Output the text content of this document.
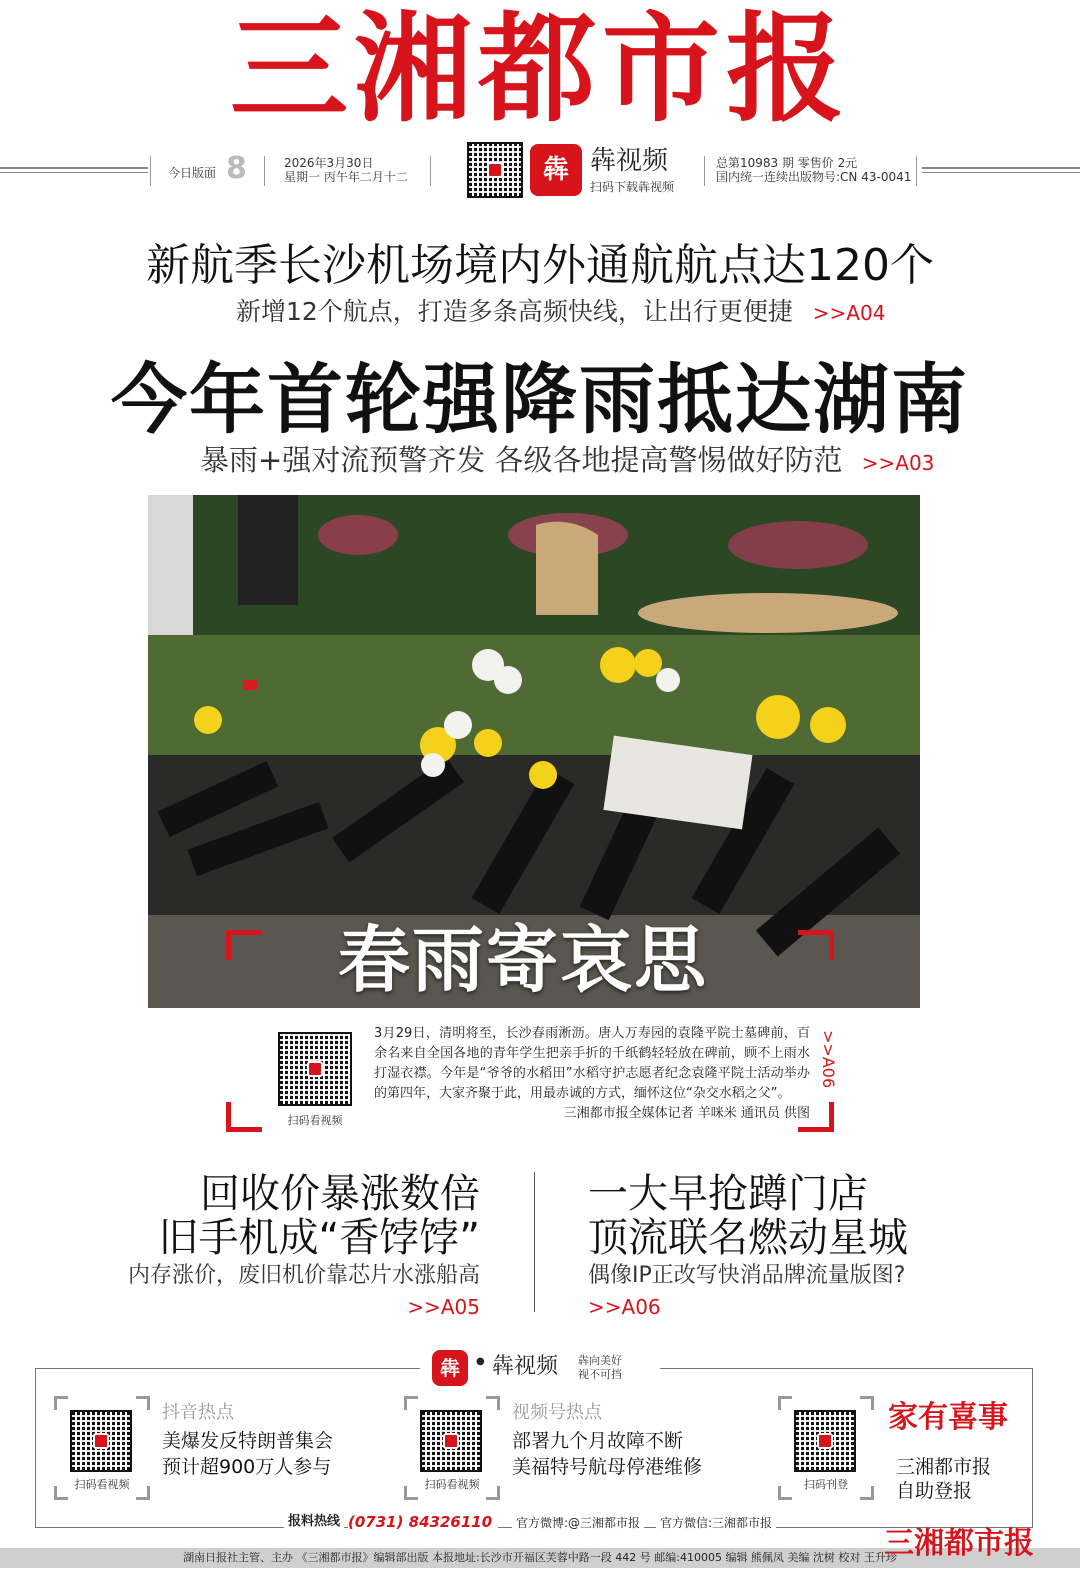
三湘都市报
今日版面 8	2026年3月30日
星期一 丙午年二月十二	犇 犇视频
扫码下载犇视频
总第10983 期 零售价 2元
国内统一连续出版物号:CN 43-0041
新航季长沙机场境内外通航航点达120个
新增12个航点，打造多条高频快线，让出行更便捷 >>A04
今年首轮强降雨抵达湖南
暴雨+强对流预警齐发 各级各地提高警惕做好防范 >>A03
春雨寄哀思
扫码看视频
3月29日，清明将至，长沙春雨淅沥。唐人万寿园的袁隆平院士墓碑前，百余名来自全国各地的青年学生把亲手折的千纸鹤轻轻放在碑前，顾不上雨水打湿衣襟。今年是“爷爷的水稻田”水稻守护志愿者纪念袁隆平院士活动举办的第四年，大家齐聚于此，用最赤诚的方式，缅怀这位“杂交水稻之父”。
三湘都市报全媒体记者 羊咪米 通讯员 供图
>>A06
回收价暴涨数倍
旧手机成“香饽饽”
内存涨价，废旧机价靠芯片水涨船高
>>A05
一大早抢蹲门店
顶流联名燃动星城
偶像IP正改写快消品牌流量版图?
>>A06
犇	● 犇视频 犇向美好
视不可挡
扫码看视频
抖音热点
美爆发反特朗普集会
预计超900万人参与
扫码看视频
视频号热点
部署九个月故障不断
美福特号航母停港维修
扫码刊登
家有喜事
三湘都市报
自助登报
报料热线 (0731) 84326110	官方微博:@三湘都市报	官方微信:三湘都市报
湖南日报社主管、主办 《三湘都市报》编辑部出版 本报地址:长沙市开福区芙蓉中路一段 442 号 邮编:410005 编辑 熊佩凤 美编 沈树 校对 王升珍
三湘都市报
